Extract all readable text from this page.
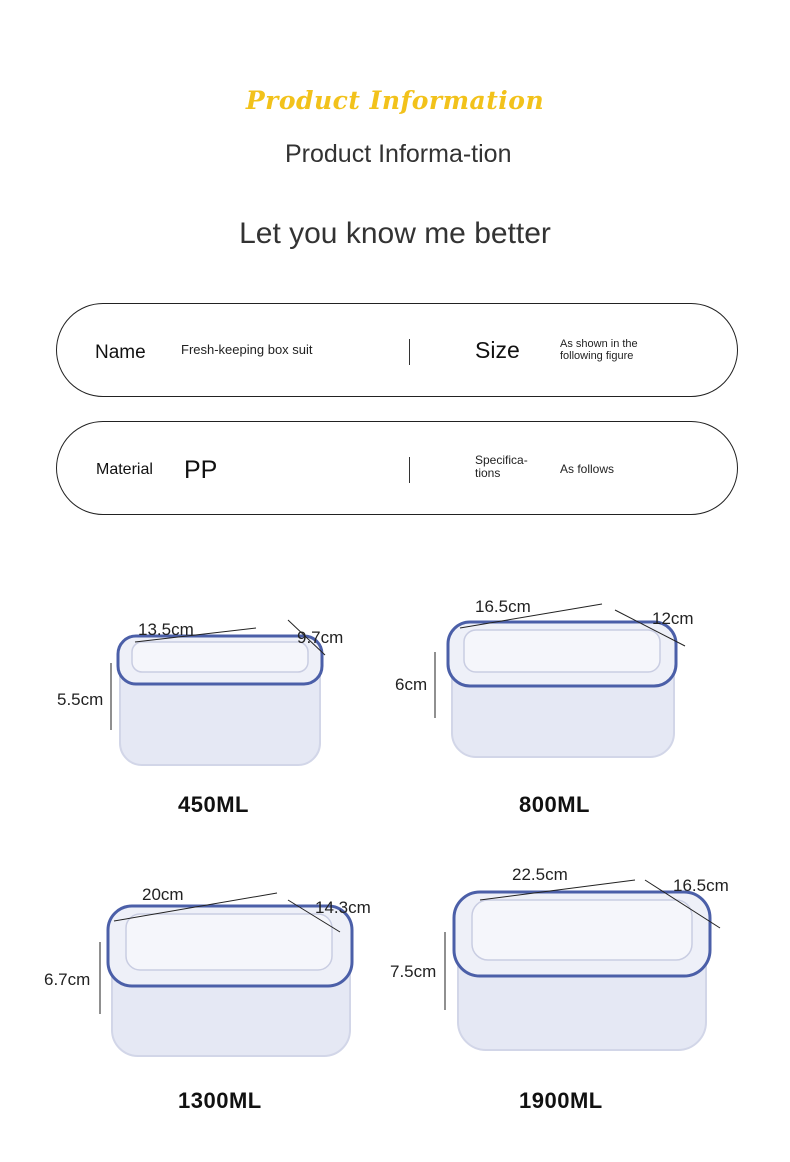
Product Information
Product Informa-tion
Let you know me better
Name	Fresh-keeping box suit	Size	As shown in the following figure
Material PP	Specifica-tions	As follows
13.5cm	9.7cm
5.5cm
450ML
16.5cm
12cm
6cm
800ML
20cm
14.3cm
6.7cm
1300ML
22.5cm
16.5cm
7.5cm
1900ML
